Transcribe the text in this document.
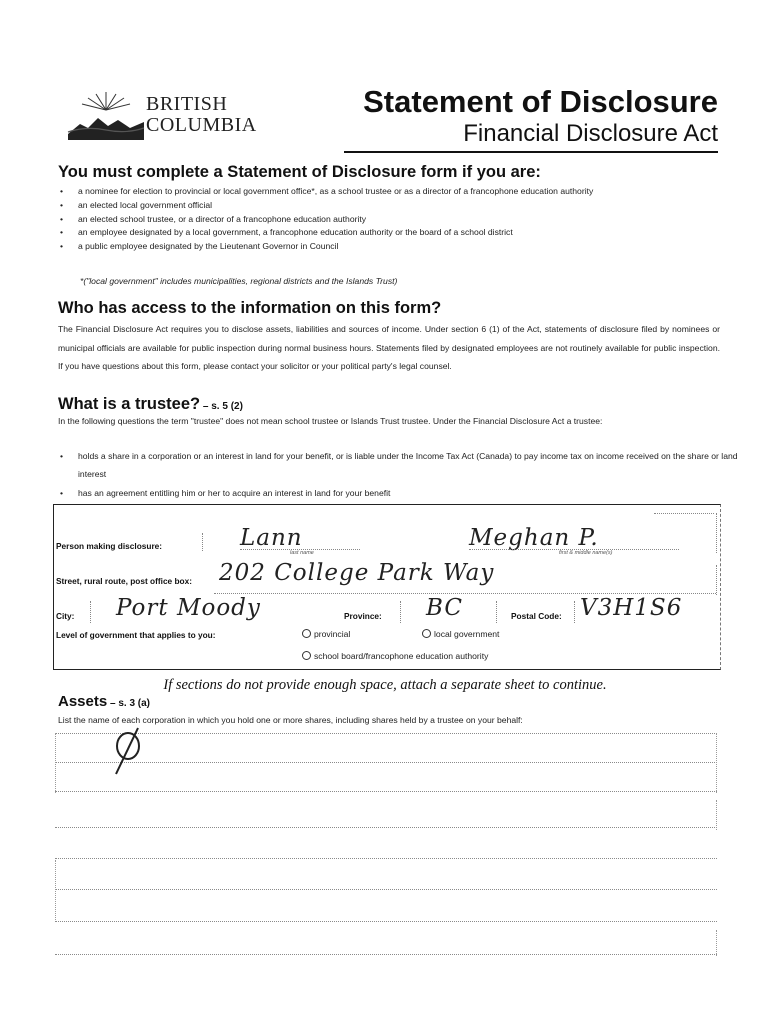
BRITISH
COLUMBIA
Statement of Disclosure
Financial Disclosure Act
You must complete a Statement of Disclosure form if you are:
• a nominee for election to provincial or local government office*, as a school trustee or as a director of a francophone education authority
• an elected local government official
• an elected school trustee, or a director of a francophone education authority
• an employee designated by a local government, a francophone education authority or the board of a school district
• a public employee designated by the Lieutenant Governor in Council
*("local government" includes municipalities, regional districts and the Islands Trust)
Who has access to the information on this form?

The Financial Disclosure Act requires you to disclose assets, liabilities and sources of income. Under section 6 (1) of the Act, statements of disclosure filed by nominees or municipal officials are available for public inspection during normal business hours. Statements filed by designated employees are not routinely available for public inspection. If you have questions about this form, please contact your solicitor or your political party's legal counsel.

What is a trustee? – s. 5 (2)

In the following questions the term "trustee" does not mean school trustee or Islands Trust trustee. Under the Financial Disclosure Act a trustee:

• holds a share in a corporation or an interest in land for your benefit, or is liable under the Income Tax Act (Canada) to pay income tax on income received on the share or land interest
• has an agreement entitling him or her to acquire an interest in land for your benefit
Person making disclosure:	Lann
last name
Meghan P.
first & middle name(s)
Street, rural route, post office box: 202 College Park Way
City: Port Moody	Province: BC	Postal Code: V3H1S6
Level of government that applies to you:	provincial	local government
school board/francophone education authority
If sections do not provide enough space, attach a separate sheet to continue.
Assets – s. 3 (a)
List the name of each corporation in which you hold one or more shares, including shares held by a trustee on your behalf:
